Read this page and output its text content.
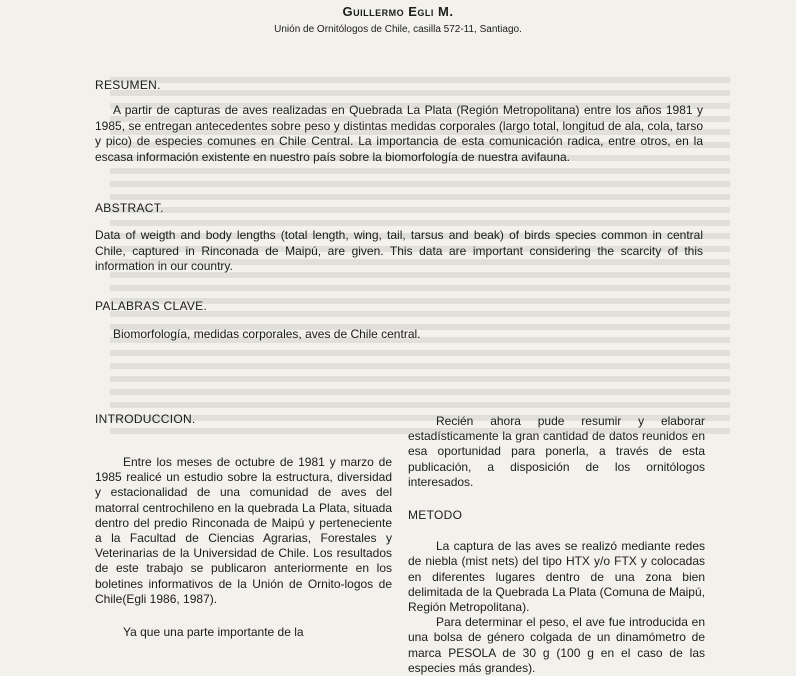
Guillermo Egli M.
Unión de Ornitólogos de Chile, casilla 572-11, Santiago.
RESUMEN.
A partir de capturas de aves realizadas en Quebrada La Plata (Región Metropolitana) entre los años 1981 y 1985, se entregan antecedentes sobre peso y distintas medidas corporales (largo total, longitud de ala, cola, tarso y pico) de especies comunes en Chile Central. La importancia de esta comunicación radica, entre otros, en la escasa información existente en nuestro país sobre la biomorfología de nuestra avifauna.
ABSTRACT.
Data of weigth and body lengths (total length, wing, tail, tarsus and beak) of birds species common in central Chile, captured in Rinconada de Maipú, are given. This data are important considering the scarcity of this information in our country.
PALABRAS CLAVE.
Biomorfología, medidas corporales, aves de Chile central.
INTRODUCCION.

Entre los meses de octubre de 1981 y marzo de 1985 realicé un estudio sobre la estructura, diversidad y estacionalidad de una comunidad de aves del matorral centrochileno en la quebrada La Plata, situada dentro del predio Rinconada de Maipú y perteneciente a la Facultad de Ciencias Agrarias, Forestales y Veterinarias de la Universidad de Chile. Los resultados de este trabajo se publicaron anteriormente en los boletines informativos de la Unión de Ornito-logos de Chile(Egli 1986, 1987).

Ya que una parte importante de la

Recién ahora pude resumir y elaborar estadísticamente la gran cantidad de datos reunidos en esa oportunidad para ponerla, a través de esta publicación, a disposición de los ornitólogos interesados.

METODO

La captura de las aves se realizó mediante redes de niebla (mist nets) del tipo HTX y/o FTX y colocadas en diferentes lugares dentro de una zona bien delimitada de la Quebrada La Plata (Comuna de Maipú, Región Metropolitana).

Para determinar el peso, el ave fue introducida en una bolsa de género colgada de un dinamómetro de marca PESOLA de 30 g (100 g en el caso de las especies más grandes).
